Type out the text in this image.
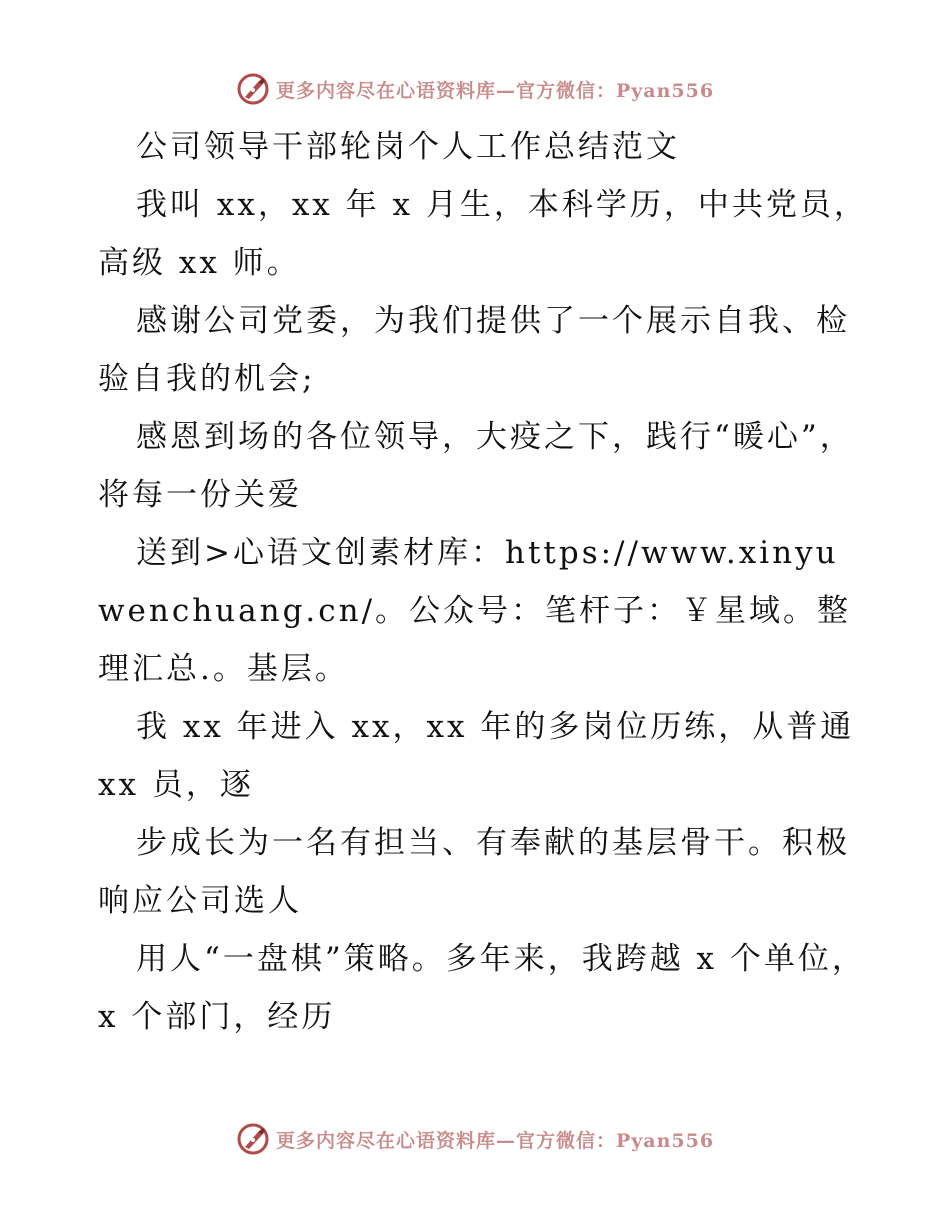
更多内容尽在心语资料库—官方微信：Pyan556

公司领导干部轮岗个人工作总结范文

我叫 xx，xx 年 x 月生，本科学历，中共党员，高级 xx 师。

感谢公司党委，为我们提供了一个展示自我、检验自我的机会;

感恩到场的各位领导，大疫之下，践行“暖心”，将每一份关爱

送到>心语文创素材库：https://www.xinyuwenchuang.cn/。公众号：笔杆子：￥星域。整理汇总.。基层。

我 xx 年进入 xx，xx 年的多岗位历练，从普通 xx 员，逐

步成长为一名有担当、有奉献的基层骨干。积极响应公司选人

用人“一盘棋”策略。多年来，我跨越 x 个单位，x 个部门，经历

更多内容尽在心语资料库—官方微信：Pyan556
